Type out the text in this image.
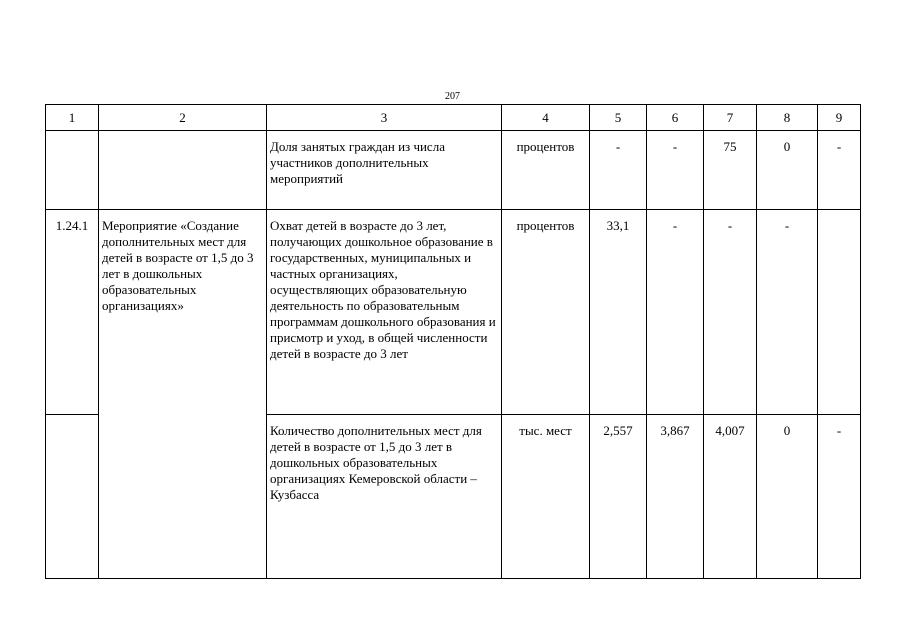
207
1	2	3	4	5	6	7	8	9
		Доля занятых граждан из числа участников дополнительных мероприятий	процентов	-	-	75	0	-
1.24.1	Мероприятие «Создание дополнительных мест для детей в возрасте от 1,5 до 3 лет в дошкольных образовательных организациях»	Охват детей в возрасте до 3 лет, получающих дошкольное образование в государственных, муниципальных и частных организациях, осуществляющих образовательную деятельность по образовательным программам дошкольного образования и присмотр и уход, в общей численности детей в возрасте до 3 лет	процентов	33,1	-	-	-	
		Количество дополнительных мест для детей в возрасте от 1,5 до 3 лет в дошкольных образовательных организациях Кемеровской области – Кузбасса	тыс. мест	2,557	3,867	4,007	0	-
